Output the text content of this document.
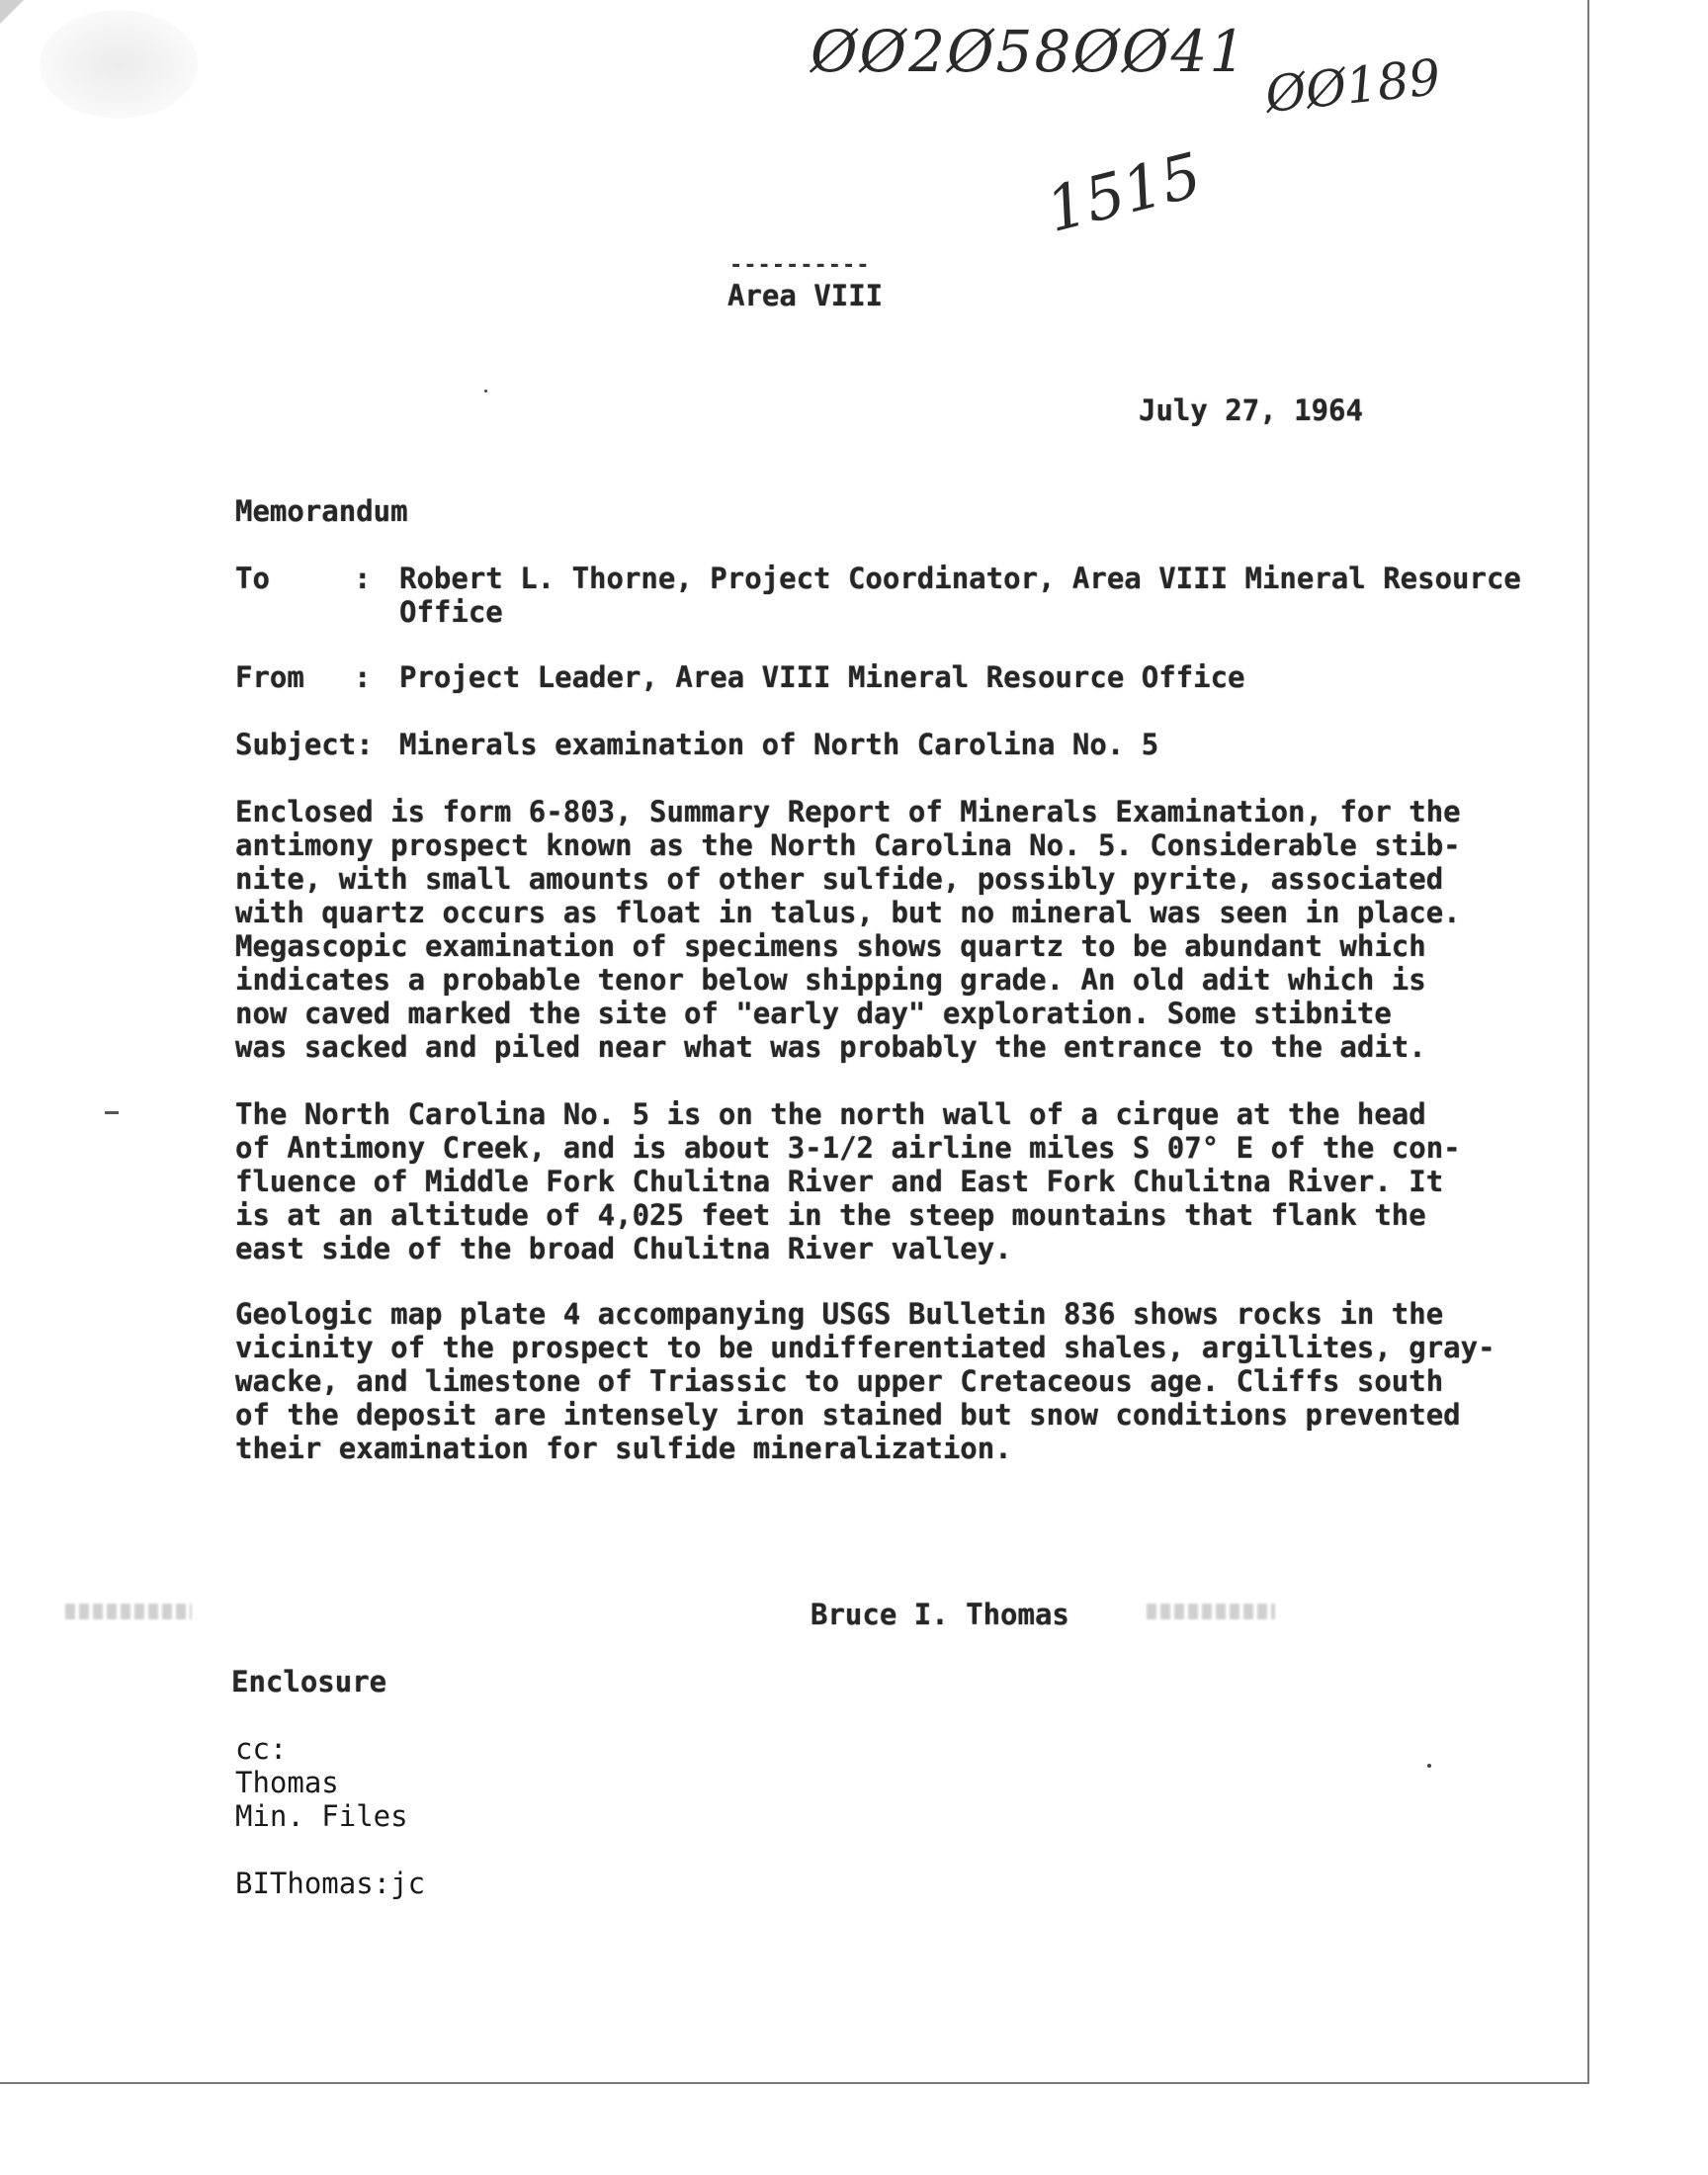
ØØ2Ø58ØØ41 ØØ189
1515
----------
Area VIII
July 27, 1964
Memorandum
To	: Robert L. Thorne, Project Coordinator, Area VIII Mineral Resource
Office
From : Project Leader, Area VIII Mineral Resource Office
Subject: Minerals examination of North Carolina No. 5
Enclosed is form 6-803, Summary Report of Minerals Examination, for the
antimony prospect known as the North Carolina No. 5. Considerable stib-
nite, with small amounts of other sulfide, possibly pyrite, associated
with quartz occurs as float in talus, but no mineral was seen in place.
Megascopic examination of specimens shows quartz to be abundant which
indicates a probable tenor below shipping grade. An old adit which is
now caved marked the site of "early day" exploration. Some stibnite
was sacked and piled near what was probably the entrance to the adit.
The North Carolina No. 5 is on the north wall of a cirque at the head
of Antimony Creek, and is about 3-1/2 airline miles S 07° E of the con-
fluence of Middle Fork Chulitna River and East Fork Chulitna River. It
is at an altitude of 4,025 feet in the steep mountains that flank the
east side of the broad Chulitna River valley.
Geologic map plate 4 accompanying USGS Bulletin 836 shows rocks in the
vicinity of the prospect to be undifferentiated shales, argillites, gray-
wacke, and limestone of Triassic to upper Cretaceous age. Cliffs south
of the deposit are intensely iron stained but snow conditions prevented
their examination for sulfide mineralization.
Bruce I. Thomas
Enclosure
cc:
Thomas
Min. Files
BIThomas:jc
